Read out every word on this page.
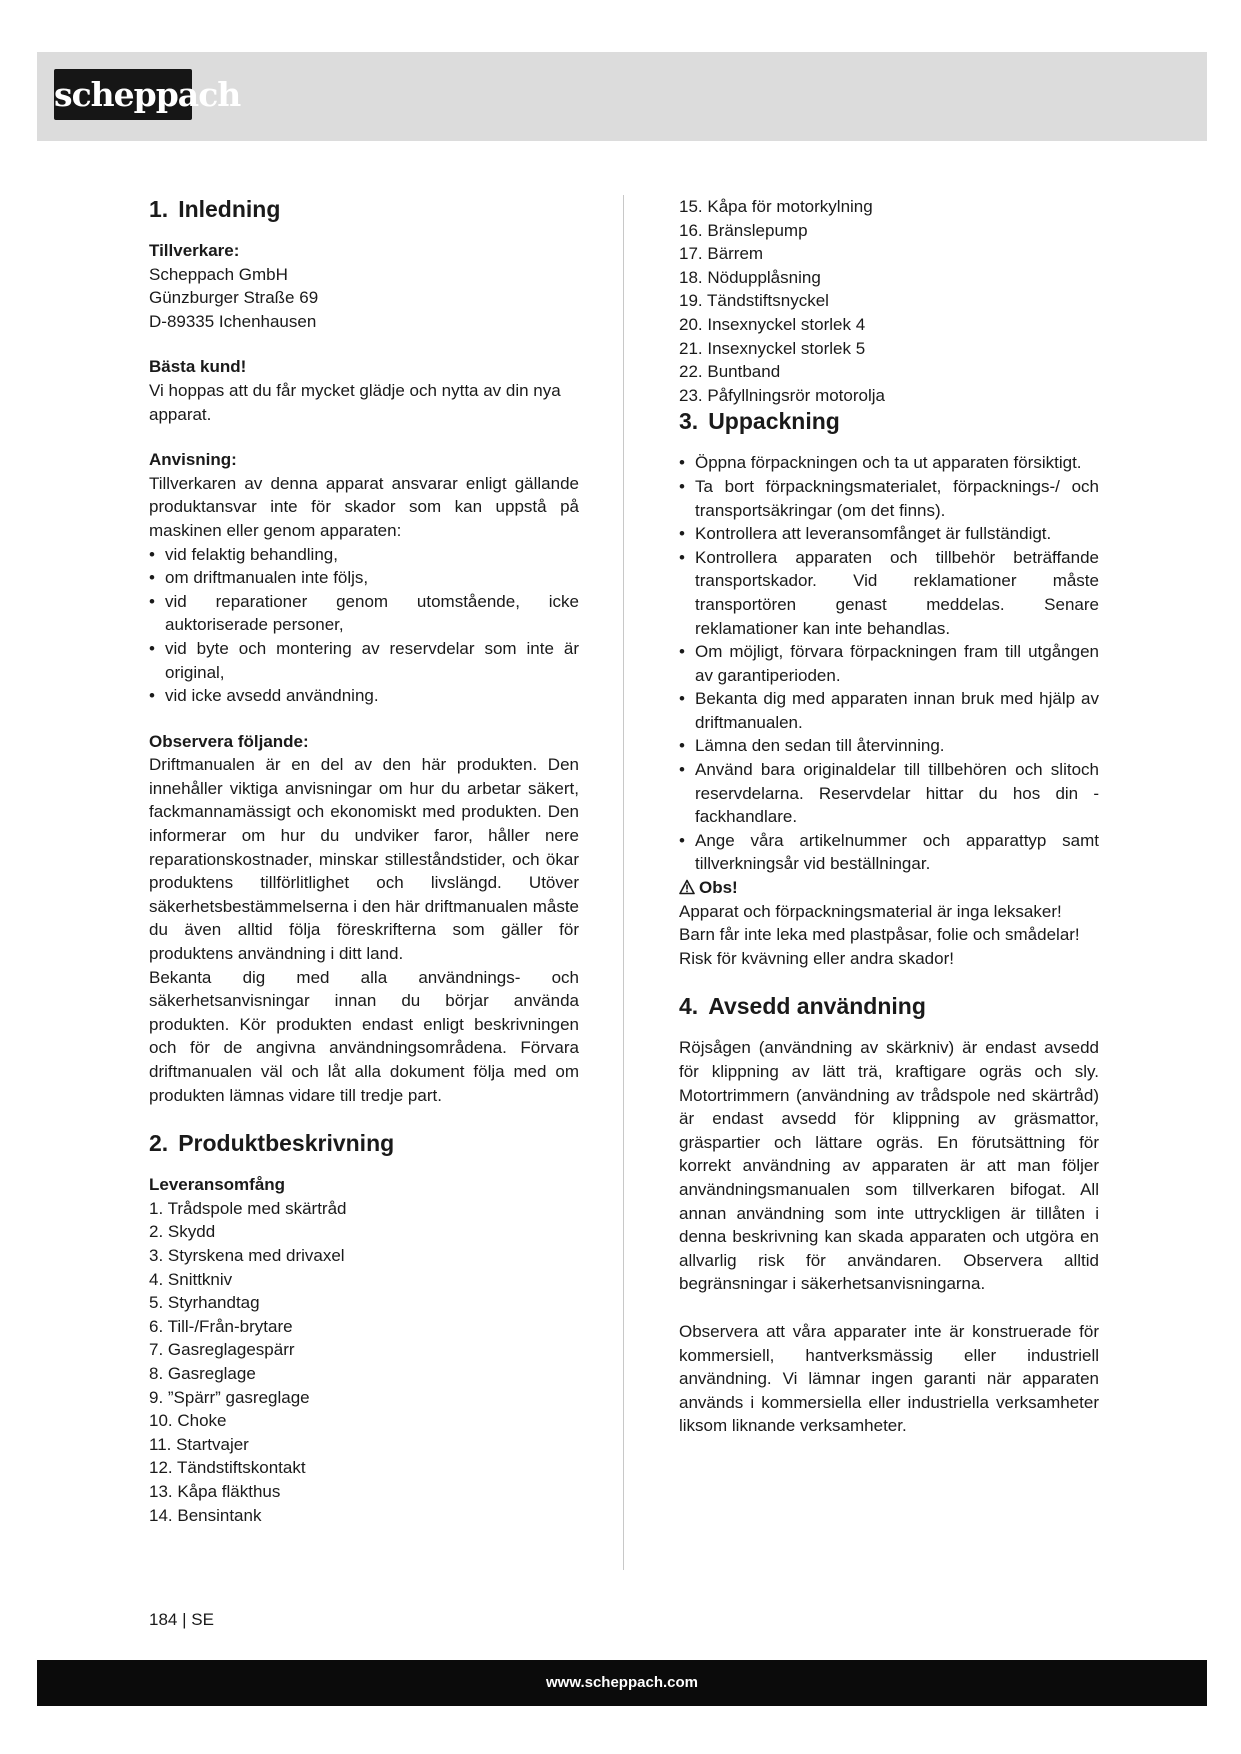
scheppach
1. Inledning

Tillverkare:

Scheppach GmbH

Günzburger Straße 69

D-89335 Ichenhausen

Bästa kund!

Vi hoppas att du får mycket glädje och nytta av din nya apparat.

Anvisning:

Tillverkaren av denna apparat ansvarar enligt gällande produktansvar inte för skador som kan uppstå på maskinen eller genom apparaten:

• vid felaktig behandling,
• om driftmanualen inte följs,
• vid reparationer genom utomstående, icke auktoriserade personer,
• vid byte och montering av reservdelar som inte är original,
• vid icke avsedd användning.

Observera följande:

Driftmanualen är en del av den här produkten. Den innehåller viktiga anvisningar om hur du arbetar säkert, fackmannamässigt och ekonomiskt med produkten. Den informerar om hur du undviker faror, håller nere reparationskostnader, minskar stilleståndstider, och ökar produktens tillförlitlighet och livslängd. Utöver säkerhetsbestämmelserna i den här driftmanualen måste du även alltid följa föreskrifterna som gäller för produktens användning i ditt land.

Bekanta dig med alla användnings- och säkerhetsanvisningar innan du börjar använda produkten. Kör produkten endast enligt beskrivningen och för de angivna användningsområdena. Förvara driftmanualen väl och låt alla dokument följa med om produkten lämnas vidare till tredje part.

2. Produktbeskrivning

Leveransomfång

1. Trådspole med skärtråd
2. Skydd
3. Styrskena med drivaxel
4. Snittkniv
5. Styrhandtag
6. Till-/Från-brytare
7. Gasreglagespärr
8. Gasreglage
9. ”Spärr” gasreglage
10. Choke
11. Startvajer
12. Tändstiftskontakt
13. Kåpa fläkthus
14. Bensintank
15. Kåpa för motorkylning
16. Bränslepump
17. Bärrem
18. Nödupplåsning
19. Tändstiftsnyckel
20. Insexnyckel storlek 4
21. Insexnyckel storlek 5
22. Buntband
23. Påfyllningsrör motorolja
3. Uppackning
• Öppna förpackningen och ta ut apparaten försiktigt.
• Ta bort förpackningsmaterialet, förpacknings-/ och transportsäkringar (om det finns).
• Kontrollera att leveransomfånget är fullständigt.
• Kontrollera apparaten och tillbehör beträffande transportskador. Vid reklamationer måste transportören genast meddelas. Senare reklamationer kan inte behandlas.
• Om möjligt, förvara förpackningen fram till utgången av garantiperioden.
• Bekanta dig med apparaten innan bruk med hjälp av driftmanualen.
• Lämna den sedan till återvinning.
• Använd bara originaldelar till tillbehören och slitoch reservdelarna. Reservdelar hittar du hos din -fackhandlare.
• Ange våra artikelnummer och apparattyp samt tillverkningsår vid beställningar.

Obs!

Apparat och förpackningsmaterial är inga leksaker!

Barn får inte leka med plastpåsar, folie och smådelar!

Risk för kvävning eller andra skador!

4. Avsedd användning

Röjsågen (användning av skärkniv) är endast avsedd för klippning av lätt trä, kraftigare ogräs och sly. Motortrimmern (användning av trådspole ned skärtråd) är endast avsedd för klippning av gräsmattor, gräspartier och lättare ogräs. En förutsättning för korrekt användning av apparaten är att man följer användningsmanualen som tillverkaren bifogat. All annan användning som inte uttryckligen är tillåten i denna beskrivning kan skada apparaten och utgöra en allvarlig risk för användaren. Observera alltid begränsningar i säkerhetsanvisningarna.

Observera att våra apparater inte är konstruerade för kommersiell, hantverksmässig eller industriell användning. Vi lämnar ingen garanti när apparaten används i kommersiella eller industriella verksamheter liksom liknande verksamheter.

184 | SE
www.scheppach.com
